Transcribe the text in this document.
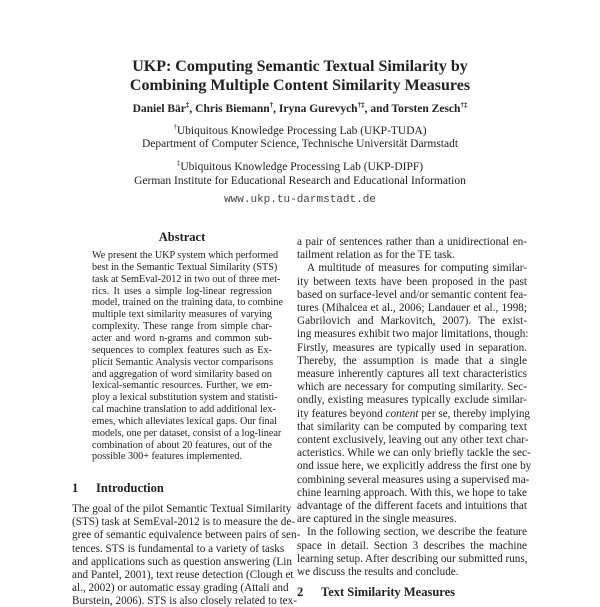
UKP: Computing Semantic Textual Similarity by
Combining Multiple Content Similarity Measures
Daniel Bär‡, Chris Biemann†, Iryna Gurevych†‡, and Torsten Zesch†‡
†Ubiquitous Knowledge Processing Lab (UKP-TUDA)
Department of Computer Science, Technische Universität Darmstadt
‡Ubiquitous Knowledge Processing Lab (UKP-DIPF)
German Institute for Educational Research and Educational Information
www.ukp.tu-darmstadt.de
Abstract
We present the UKP system which performed
best in the Semantic Textual Similarity (STS)
task at SemEval-2012 in two out of three met-
rics. It uses a simple log-linear regression
model, trained on the training data, to combine
multiple text similarity measures of varying
complexity. These range from simple char-
acter and word n-grams and common sub-
sequences to complex features such as Ex-
plicit Semantic Analysis vector comparisons
and aggregation of word similarity based on
lexical-semantic resources. Further, we em-
ploy a lexical substitution system and statisti-
cal machine translation to add additional lex-
emes, which alleviates lexical gaps. Our final
models, one per dataset, consist of a log-linear
combination of about 20 features, out of the
possible 300+ features implemented.
1 Introduction
The goal of the pilot Semantic Textual Similarity
(STS) task at SemEval-2012 is to measure the de-
gree of semantic equivalence between pairs of sen-
tences. STS is fundamental to a variety of tasks
and applications such as question answering (Lin
and Pantel, 2001), text reuse detection (Clough et
al., 2002) or automatic essay grading (Attali and
Burstein, 2006). STS is also closely related to tex-
a pair of sentences rather than a unidirectional en-
tailment relation as for the TE task.
A multitude of measures for computing similar-
ity between texts have been proposed in the past
based on surface-level and/or semantic content fea-
tures (Mihalcea et al., 2006; Landauer et al., 1998;
Gabrilovich and Markovitch, 2007). The exist-
ing measures exhibit two major limitations, though:
Firstly, measures are typically used in separation.
Thereby, the assumption is made that a single
measure inherently captures all text characteristics
which are necessary for computing similarity. Sec-
ondly, existing measures typically exclude similar-
ity features beyond content per se, thereby implying
that similarity can be computed by comparing text
content exclusively, leaving out any other text char-
acteristics. While we can only briefly tackle the sec-
ond issue here, we explicitly address the first one by
combining several measures using a supervised ma-
chine learning approach. With this, we hope to take
advantage of the different facets and intuitions that
are captured in the single measures.
In the following section, we describe the feature
space in detail. Section 3 describes the machine
learning setup. After describing our submitted runs,
we discuss the results and conclude.
2 Text Similarity Measures
